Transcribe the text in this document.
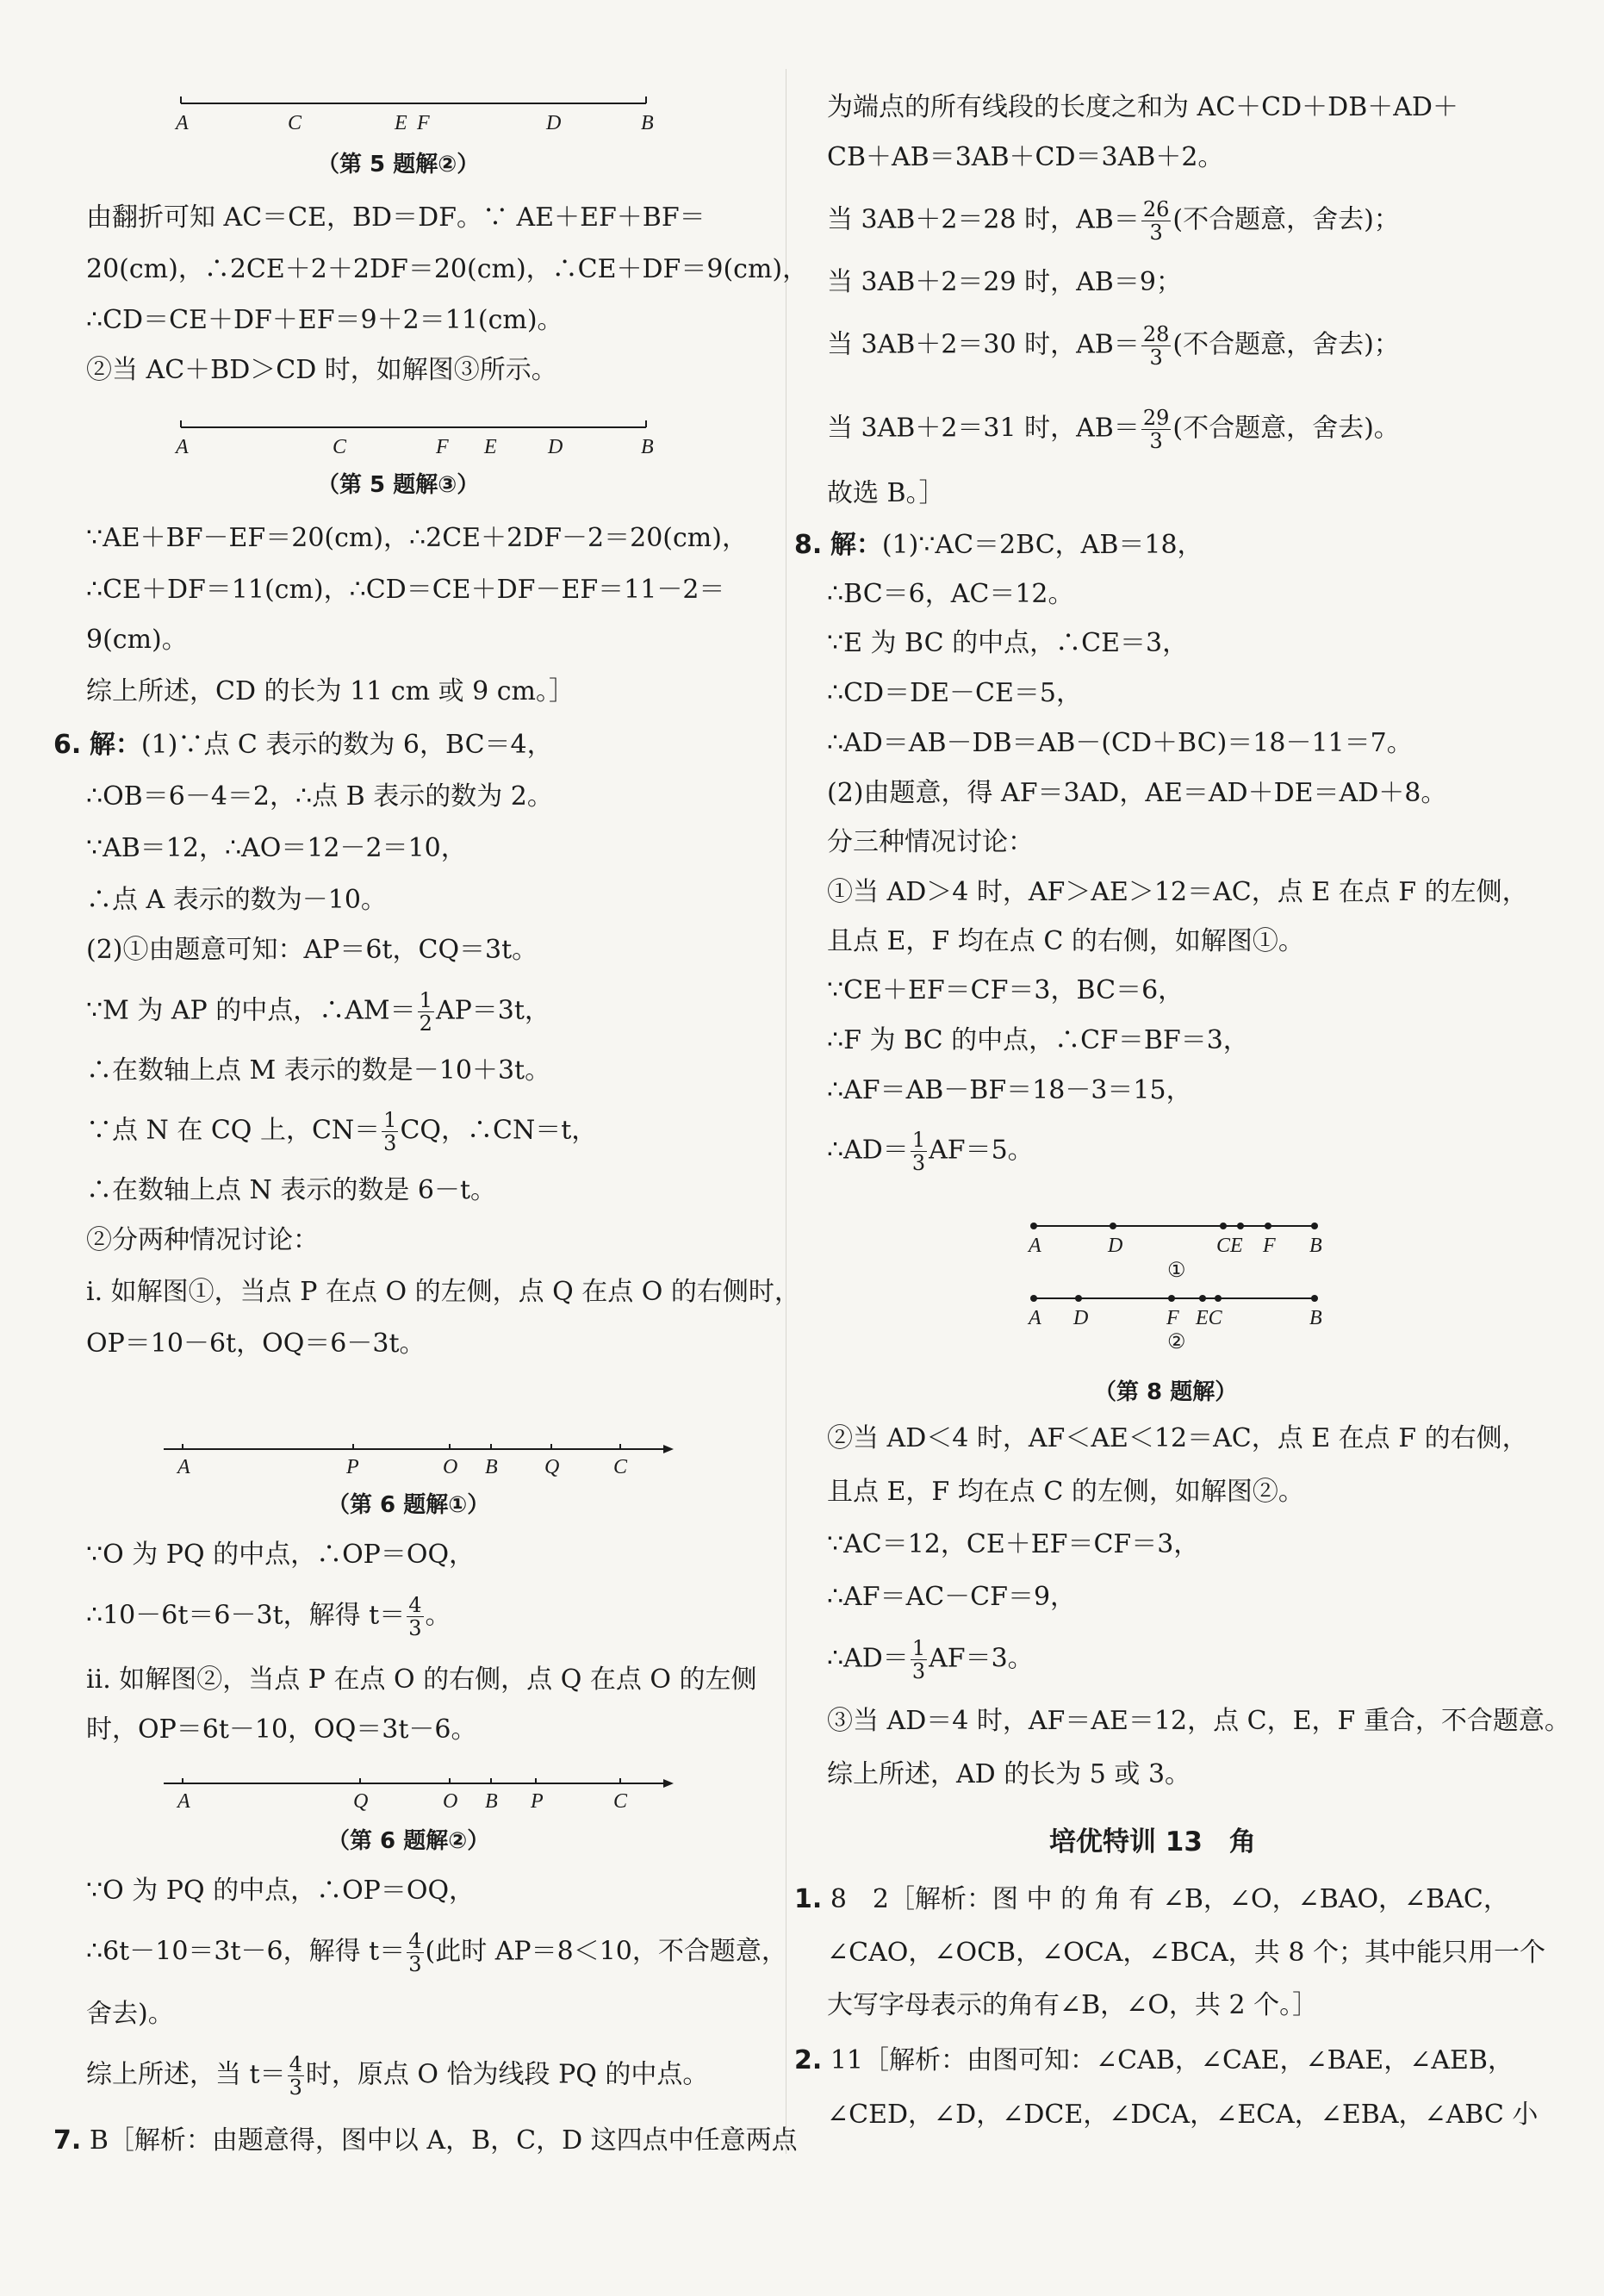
A	C	E F	D	B
（第 5 题解②）
由翻折可知 AC＝CE，BD＝DF。∵ AE＋EF＋BF＝
20(cm)，∴2CE＋2＋2DF＝20(cm)，∴CE＋DF＝9(cm)，
∴CD＝CE＋DF＋EF＝9＋2＝11(cm)。
②当 AC＋BD＞CD 时，如解图③所示。
A	C	F E D	B
（第 5 题解③）
∵AE＋BF－EF＝20(cm)，∴2CE＋2DF－2＝20(cm)，
∴CE＋DF＝11(cm)，∴CD＝CE＋DF－EF＝11－2＝
9(cm)。
综上所述，CD 的长为 11 cm 或 9 cm。］
6. 解：(1)∵点 C 表示的数为 6，BC＝4，
∴OB＝6－4＝2，∴点 B 表示的数为 2。
∵AB＝12，∴AO＝12－2＝10，
∴点 A 表示的数为－10。
(2)①由题意可知：AP＝6t，CQ＝3t。
∵M 为 AP 的中点，∴AM＝ $\frac{1}{2} AP=3t$，
∴在数轴上点 M 表示的数是－10＋3t。
∵点 N 在 CQ 上，$CN= \frac{1}{3}$ CQ，∴CN＝t，
∴在数轴上点 N 表示的数是 6－t。
②分两种情况讨论：
ⅰ. 如解图①，当点 P 在点 O 的左侧，点 Q 在点 O 的右侧时，
OP＝10－6t，OQ＝6－3t。
A	P	O B Q	C
（第 6 题解①）
∵O 为 PQ 的中点，∴OP＝OQ，
∴10－6t＝6－3t，解得 $t= \frac{4}{3}$ 。
ⅱ. 如解图②，当点 P 在点 O 的右侧，点 Q 在点 O 的左侧
时，OP＝6t－10，OQ＝3t－6。
A	Q	O B P	C
（第 6 题解②）
∵O 为 PQ 的中点，∴OP＝OQ，
∴6t－10＝3t－6，解得 $t= \frac{4}{3}$ (此时 AP＝8＜10，不合题意，
舍去)。
综上所述，当 $t= \frac{4}{3}$ 时，原点 O 恰为线段 PQ 的中点。
7. B［解析：由题意得，图中以 A，B，C，D 这四点中任意两点
为端点的所有线段的长度之和为 AC＋CD＋DB＋AD＋
CB＋AB＝3AB＋CD＝3AB＋2。
当 3AB＋2＝28 时，$AB= \frac{26}{3}$ (不合题意，舍去)；
当 3AB＋2＝29 时，AB＝9；
当 3AB＋2＝30 时，$AB= \frac{28}{3}$ (不合题意，舍去)；
当 3AB＋2＝31 时，$AB= \frac{29}{3}$ (不合题意，舍去)。
故选 B。］
8. 解：(1)∵AC＝2BC，AB＝18，
∴BC＝6，AC＝12。
∵E 为 BC 的中点，∴CE＝3，
∴CD＝DE－CE＝5，
∴AD＝AB－DB＝AB－(CD＋BC)＝18－11＝7。
(2)由题意，得 AF＝3AD，AE＝AD＋DE＝AD＋8。
分三种情况讨论：
①当 AD＞4 时，AF＞AE＞12＝AC，点 E 在点 F 的左侧，
且点 E，F 均在点 C 的右侧，如解图①。
∵CE＋EF＝CF＝3，BC＝6，
∴F 为 BC 的中点，∴CF＝BF＝3，
∴AF＝AB－BF＝18－3＝15，
∴AD＝ $\frac{1}{3} AF=5$。
A	D	CE F B
①
A D	F EC	B
②
（第 8 题解）
②当 AD＜4 时，AF＜AE＜12＝AC，点 E 在点 F 的右侧，
且点 E，F 均在点 C 的左侧，如解图②。
∵AC＝12，CE＋EF＝CF＝3，
∴AF＝AC－CF＝9，
∴AD＝ $\frac{1}{3} AF=3$。
③当 AD＝4 时，AF＝AE＝12，点 C，E，F 重合，不合题意。
综上所述，AD 的长为 5 或 3。
培优特训 13　角
1. 8　2［解析：图 中 的 角 有 ∠B，∠O，∠BAO，∠BAC，
∠CAO，∠OCB，∠OCA，∠BCA，共 8 个；其中能只用一个
大写字母表示的角有∠B，∠O，共 2 个。］
2. 11［解析：由图可知：∠CAB，∠CAE，∠BAE，∠AEB，
∠CED，∠D，∠DCE，∠DCA，∠ECA，∠EBA，∠ABC 小
